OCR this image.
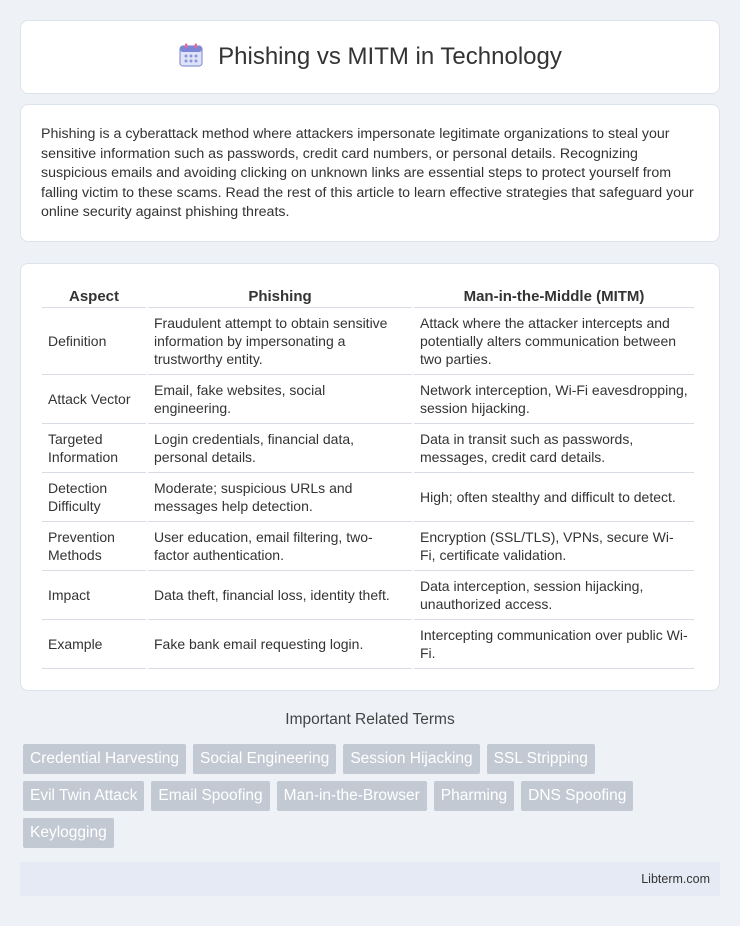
Phishing vs MITM in Technology

Phishing is a cyberattack method where attackers impersonate legitimate organizations to steal your sensitive information such as passwords, credit card numbers, or personal details. Recognizing suspicious emails and avoiding clicking on unknown links are essential steps to protect yourself from falling victim to these scams. Read the rest of this article to learn effective strategies that safeguard your online security against phishing threats.

Aspect	Phishing	Man-in-the-Middle (MITM)
Definition	Fraudulent attempt to obtain sensitive information by impersonating a trustworthy entity.	Attack where the attacker intercepts and potentially alters communication between two parties.
Attack Vector	Email, fake websites, social engineering.	Network interception, Wi-Fi eavesdropping, session hijacking.
Targeted Information	Login credentials, financial data, personal details.	Data in transit such as passwords, messages, credit card details.
Detection Difficulty	Moderate; suspicious URLs and messages help detection.	High; often stealthy and difficult to detect.
Prevention Methods	User education, email filtering, two-factor authentication.	Encryption (SSL/TLS), VPNs, secure Wi-Fi, certificate validation.
Impact	Data theft, financial loss, identity theft.	Data interception, session hijacking, unauthorized access.
Example	Fake bank email requesting login.	Intercepting communication over public Wi-Fi.
Important Related Terms
Credential Harvesting	Social Engineering	Session Hijacking	SSL Stripping
Evil Twin Attack	Email Spoofing	Man-in-the-Browser	Pharming	DNS Spoofing
Keylogging
Libterm.com
